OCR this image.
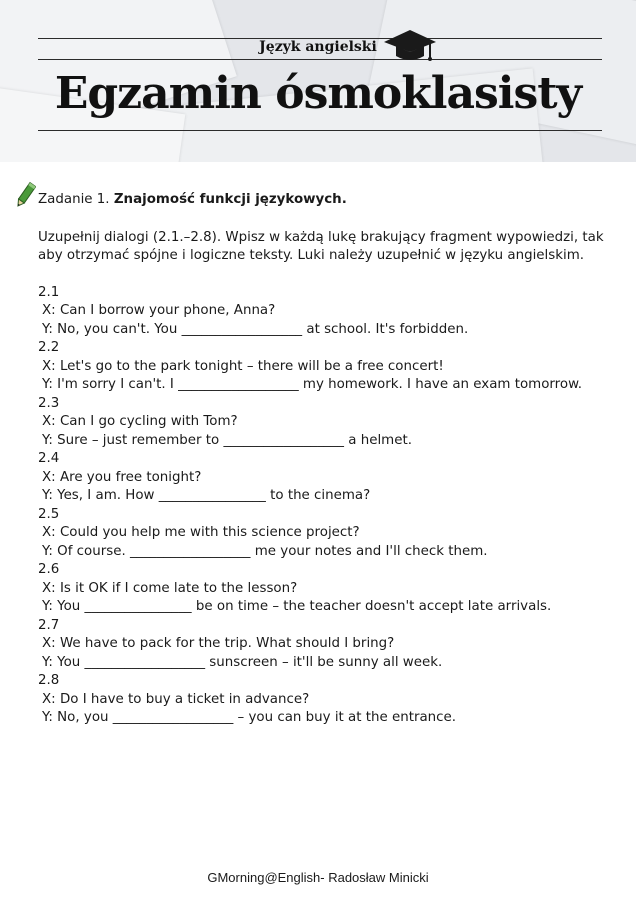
Język angielski
Egzamin ósmoklasisty
Zadanie 1. Znajomość funkcji językowych.
Uzupełnij dialogi (2.1.–2.8). Wpisz w każdą lukę brakujący fragment wypowiedzi, tak aby otrzymać spójne i logiczne teksty. Luki należy uzupełnić w języku angielskim.
2.1
X: Can I borrow your phone, Anna?
Y: No, you can't. You __________________ at school. It's forbidden.
2.2
X: Let's go to the park tonight – there will be a free concert!
Y: I'm sorry I can't. I __________________ my homework. I have an exam tomorrow.
2.3
X: Can I go cycling with Tom?
Y: Sure – just remember to __________________ a helmet.
2.4
X: Are you free tonight?
Y: Yes, I am. How ________________ to the cinema?
2.5
X: Could you help me with this science project?
Y: Of course. __________________ me your notes and I'll check them.
2.6
X: Is it OK if I come late to the lesson?
Y: You ________________ be on time – the teacher doesn't accept late arrivals.
2.7
X: We have to pack for the trip. What should I bring?
Y: You __________________ sunscreen – it'll be sunny all week.
2.8
X: Do I have to buy a ticket in advance?
Y: No, you __________________ – you can buy it at the entrance.
GMorning@English- Radosław Minicki
